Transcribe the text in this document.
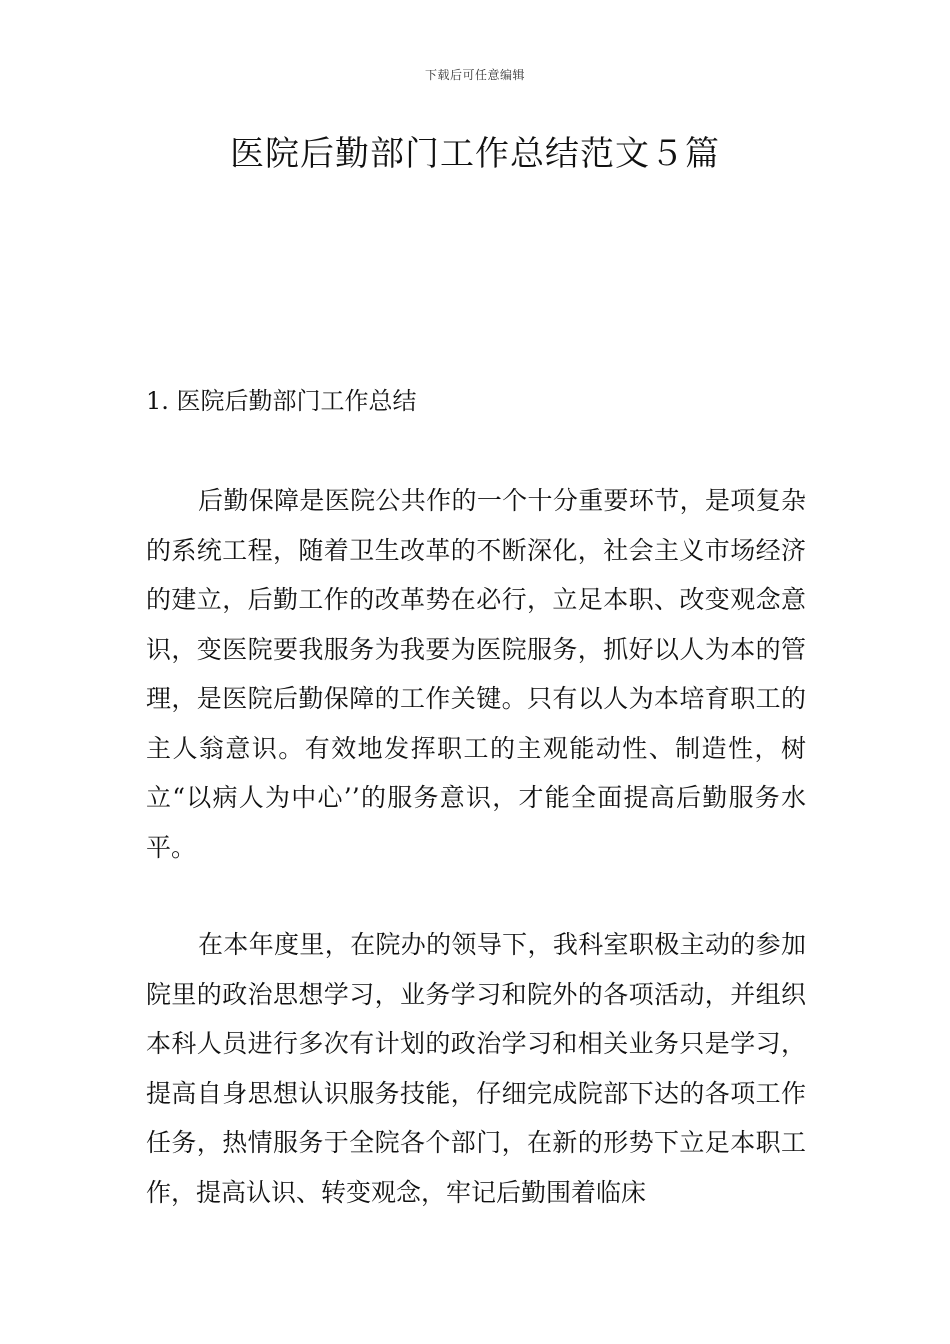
下载后可任意编辑
医院后勤部门工作总结范文５篇
1. 医院后勤部门工作总结

后勤保障是医院公共作的一个十分重要环节，是项复杂的系统工程，随着卫生改革的不断深化，社会主义市场经济的建立，后勤工作的改革势在必行，立足本职、改变观念意识，变医院要我服务为我要为医院服务，抓好以人为本的管理，是医院后勤保障的工作关键。只有以人为本培育职工的主人翁意识。有效地发挥职工的主观能动性、制造性，树立“以病人为中心’’的服务意识，才能全面提高后勤服务水平。

在本年度里，在院办的领导下，我科室职极主动的参加院里的政治思想学习，业务学习和院外的各项活动，并组织本科人员进行多次有计划的政治学习和相关业务只是学习，提高自身思想认识服务技能，仔细完成院部下达的各项工作任务，热情服务于全院各个部门，在新的形势下立足本职工作，提高认识、转变观念，牢记后勤围着临床
